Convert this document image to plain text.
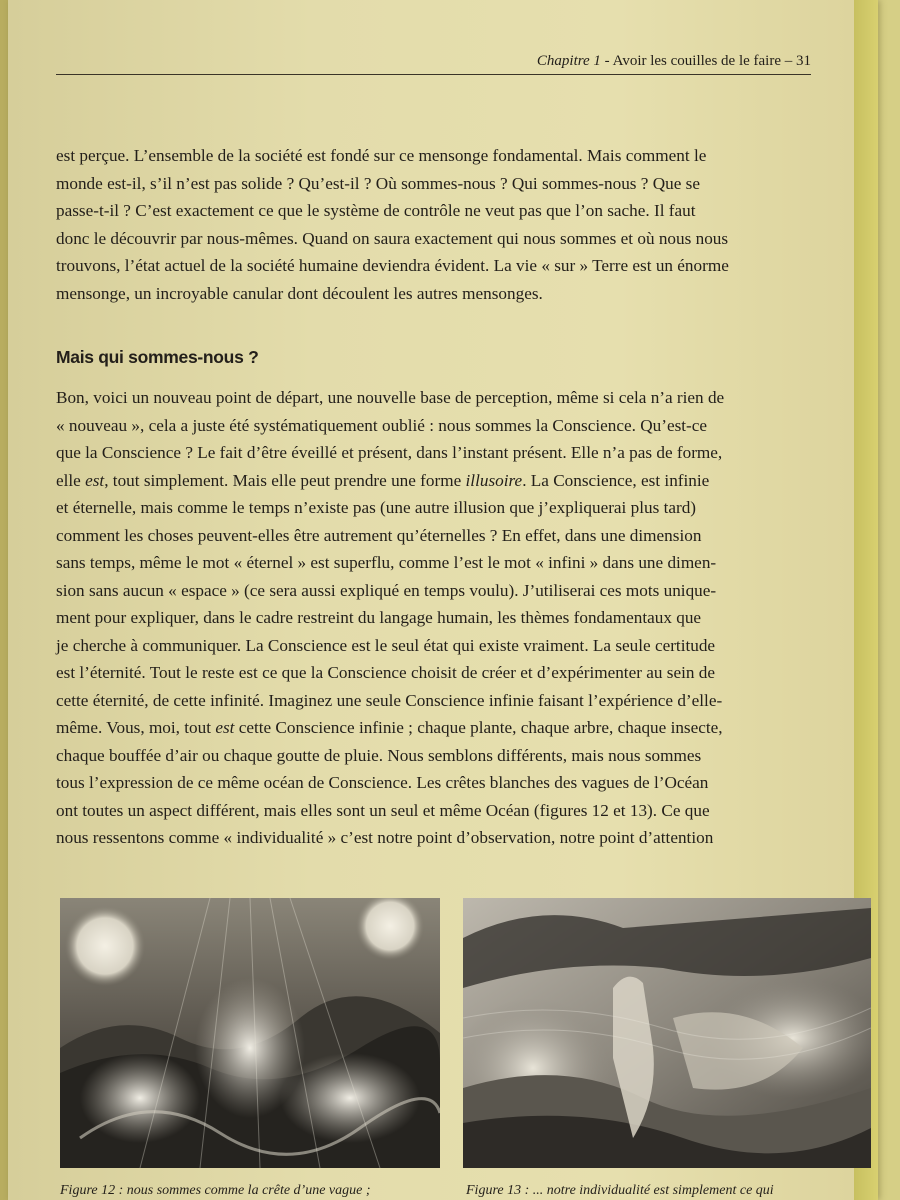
Chapitre 1 - Avoir les couilles de le faire – 31

est perçue. L’ensemble de la société est fondé sur ce mensonge fondamental. Mais comment le
monde est-il, s’il n’est pas solide ? Qu’est-il ? Où sommes-nous ? Qui sommes-nous ? Que se
passe-t-il ? C’est exactement ce que le système de contrôle ne veut pas que l’on sache. Il faut
donc le découvrir par nous-mêmes. Quand on saura exactement qui nous sommes et où nous nous
trouvons, l’état actuel de la société humaine deviendra évident. La vie « sur » Terre est un énorme
mensonge, un incroyable canular dont découlent les autres mensonges.

Mais qui sommes-nous ?

Bon, voici un nouveau point de départ, une nouvelle base de perception, même si cela n’a rien de
« nouveau », cela a juste été systématiquement oublié : nous sommes la Conscience. Qu’est-ce
que la Conscience ? Le fait d’être éveillé et présent, dans l’instant présent. Elle n’a pas de forme,
elle est, tout simplement. Mais elle peut prendre une forme illusoire. La Conscience, est infinie
et éternelle, mais comme le temps n’existe pas (une autre illusion que j’expliquerai plus tard)
comment les choses peuvent-elles être autrement qu’éternelles ? En effet, dans une dimension
sans temps, même le mot « éternel » est superflu, comme l’est le mot « infini » dans une dimen-
sion sans aucun « espace » (ce sera aussi expliqué en temps voulu). J’utiliserai ces mots unique-
ment pour expliquer, dans le cadre restreint du langage humain, les thèmes fondamentaux que
je cherche à communiquer. La Conscience est le seul état qui existe vraiment. La seule certitude
est l’éternité. Tout le reste est ce que la Conscience choisit de créer et d’expérimenter au sein de
cette éternité, de cette infinité. Imaginez une seule Conscience infinie faisant l’expérience d’elle-
même. Vous, moi, tout est cette Conscience infinie ; chaque plante, chaque arbre, chaque insecte,
chaque bouffée d’air ou chaque goutte de pluie. Nous semblons différents, mais nous sommes
tous l’expression de ce même océan de Conscience. Les crêtes blanches des vagues de l’Océan
ont toutes un aspect différent, mais elles sont un seul et même Océan (figures 12 et 13). Ce que
nous ressentons comme « individualité » c’est notre point d’observation, notre point d’attention

Figure 12 : nous sommes comme la crête d’une vague ;	Figure 13 : ... notre individualité est simplement ce qui
